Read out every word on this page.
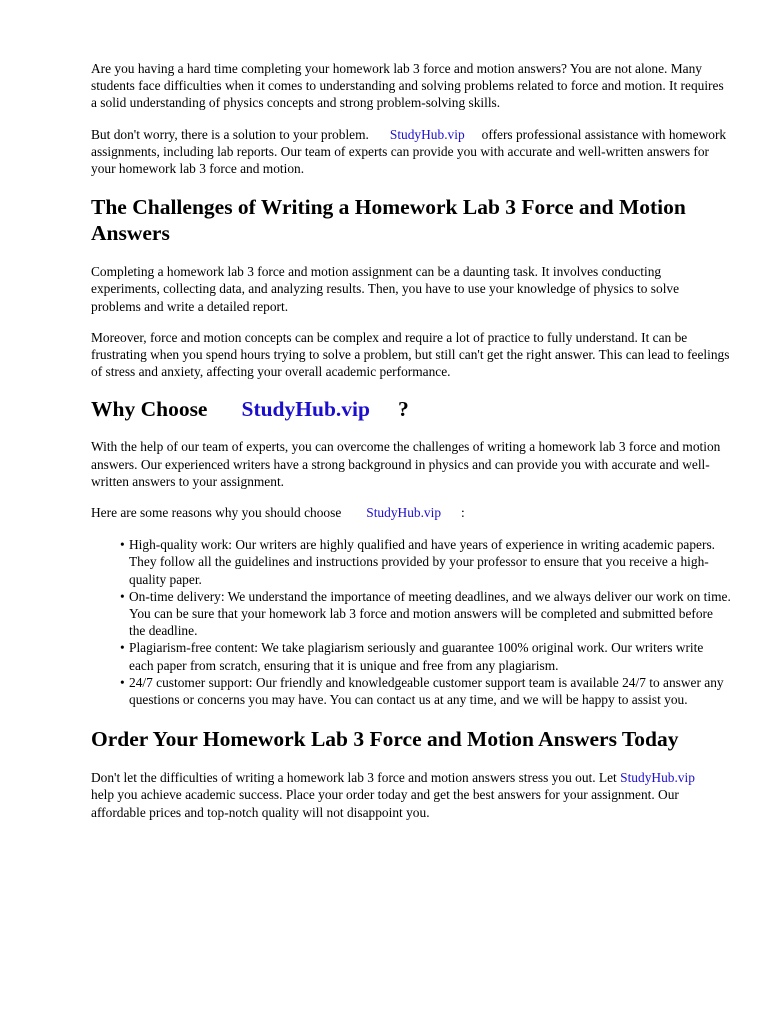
Are you having a hard time completing your homework lab 3 force and motion answers? You are not alone. Many students face difficulties when it comes to understanding and solving problems related to force and motion. It requires a solid understanding of physics concepts and strong problem-solving skills.

But don't worry, there is a solution to your problem. StudyHub.vip offers professional assistance with homework assignments, including lab reports. Our team of experts can provide you with accurate and well-written answers for your homework lab 3 force and motion.

The Challenges of Writing a Homework Lab 3 Force and Motion Answers

Completing a homework lab 3 force and motion assignment can be a daunting task. It involves conducting experiments, collecting data, and analyzing results. Then, you have to use your knowledge of physics to solve problems and write a detailed report.

Moreover, force and motion concepts can be complex and require a lot of practice to fully understand. It can be frustrating when you spend hours trying to solve a problem, but still can't get the right answer. This can lead to feelings of stress and anxiety, affecting your overall academic performance.

Why Choose StudyHub.vip ?

With the help of our team of experts, you can overcome the challenges of writing a homework lab 3 force and motion answers. Our experienced writers have a strong background in physics and can provide you with accurate and well-written answers to your assignment.

Here are some reasons why you should choose StudyHub.vip :

• High-quality work: Our writers are highly qualified and have years of experience in writing academic papers. They follow all the guidelines and instructions provided by your professor to ensure that you receive a high-quality paper.
• On-time delivery: We understand the importance of meeting deadlines, and we always deliver our work on time. You can be sure that your homework lab 3 force and motion answers will be completed and submitted before the deadline.
• Plagiarism-free content: We take plagiarism seriously and guarantee 100% original work. Our writers write each paper from scratch, ensuring that it is unique and free from any plagiarism.
• 24/7 customer support: Our friendly and knowledgeable customer support team is available 24/7 to answer any questions or concerns you may have. You can contact us at any time, and we will be happy to assist you.
Order Your Homework Lab 3 Force and Motion Answers Today

Don't let the difficulties of writing a homework lab 3 force and motion answers stress you out. Let StudyHub.viphelp you achieve academic success. Place your order today and get the best answers for your assignment. Our affordable prices and top-notch quality will not disappoint you.
